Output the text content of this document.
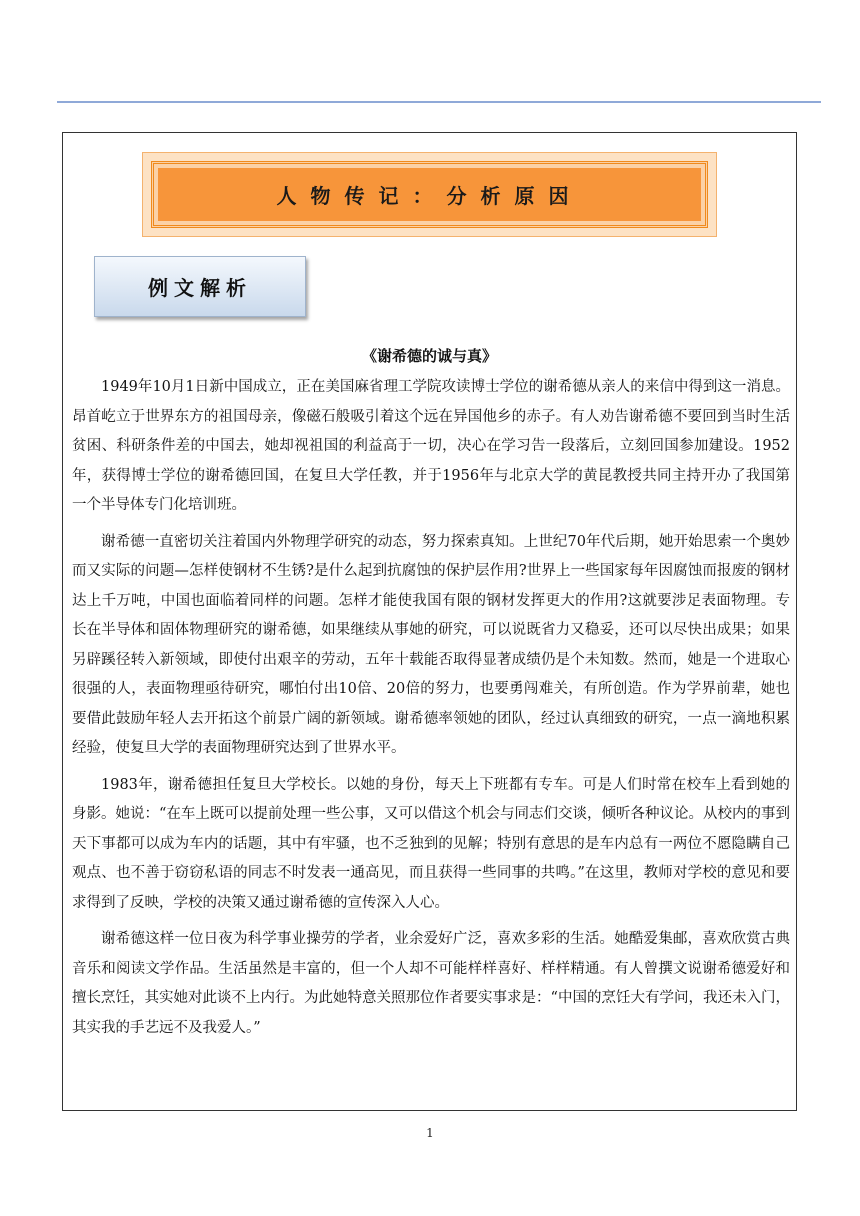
人物传记：分析原因
例文解析
《谢希德的诚与真》

1949年10月1日新中国成立，正在美国麻省理工学院攻读博士学位的谢希德从亲人的来信中得到这一消息。昂首屹立于世界东方的祖国母亲，像磁石般吸引着这个远在异国他乡的赤子。有人劝告谢希德不要回到当时生活贫困、科研条件差的中国去，她却视祖国的利益高于一切，决心在学习告一段落后，立刻回国参加建设。1952年，获得博士学位的谢希德回国，在复旦大学任教，并于1956年与北京大学的黄昆教授共同主持开办了我国第一个半导体专门化培训班。

谢希德一直密切关注着国内外物理学研究的动态，努力探索真知。上世纪70年代后期，她开始思索一个奥妙而又实际的问题—怎样使钢材不生锈?是什么起到抗腐蚀的保护层作用?世界上一些国家每年因腐蚀而报废的钢材达上千万吨，中国也面临着同样的问题。怎样才能使我国有限的钢材发挥更大的作用?这就要涉足表面物理。专长在半导体和固体物理研究的谢希德，如果继续从事她的研究，可以说既省力又稳妥，还可以尽快出成果；如果另辟蹊径转入新领域，即使付出艰辛的劳动，五年十载能否取得显著成绩仍是个未知数。然而，她是一个进取心很强的人，表面物理亟待研究，哪怕付出10倍、20倍的努力，也要勇闯难关，有所创造。作为学界前辈，她也要借此鼓励年轻人去开拓这个前景广阔的新领域。谢希德率领她的团队，经过认真细致的研究，一点一滴地积累经验，使复旦大学的表面物理研究达到了世界水平。

1983年，谢希德担任复旦大学校长。以她的身份，每天上下班都有专车。可是人们时常在校车上看到她的身影。她说：“在车上既可以提前处理一些公事，又可以借这个机会与同志们交谈，倾听各种议论。从校内的事到天下事都可以成为车内的话题，其中有牢骚，也不乏独到的见解；特别有意思的是车内总有一两位不愿隐瞒自己观点、也不善于窃窃私语的同志不时发表一通高见，而且获得一些同事的共鸣。”在这里，教师对学校的意见和要求得到了反映，学校的决策又通过谢希德的宣传深入人心。

谢希德这样一位日夜为科学事业操劳的学者，业余爱好广泛，喜欢多彩的生活。她酷爱集邮，喜欢欣赏古典音乐和阅读文学作品。生活虽然是丰富的，但一个人却不可能样样喜好、样样精通。有人曾撰文说谢希德爱好和擅长烹饪，其实她对此谈不上内行。为此她特意关照那位作者要实事求是：“中国的烹饪大有学问，我还未入门，其实我的手艺远不及我爱人。”

1
